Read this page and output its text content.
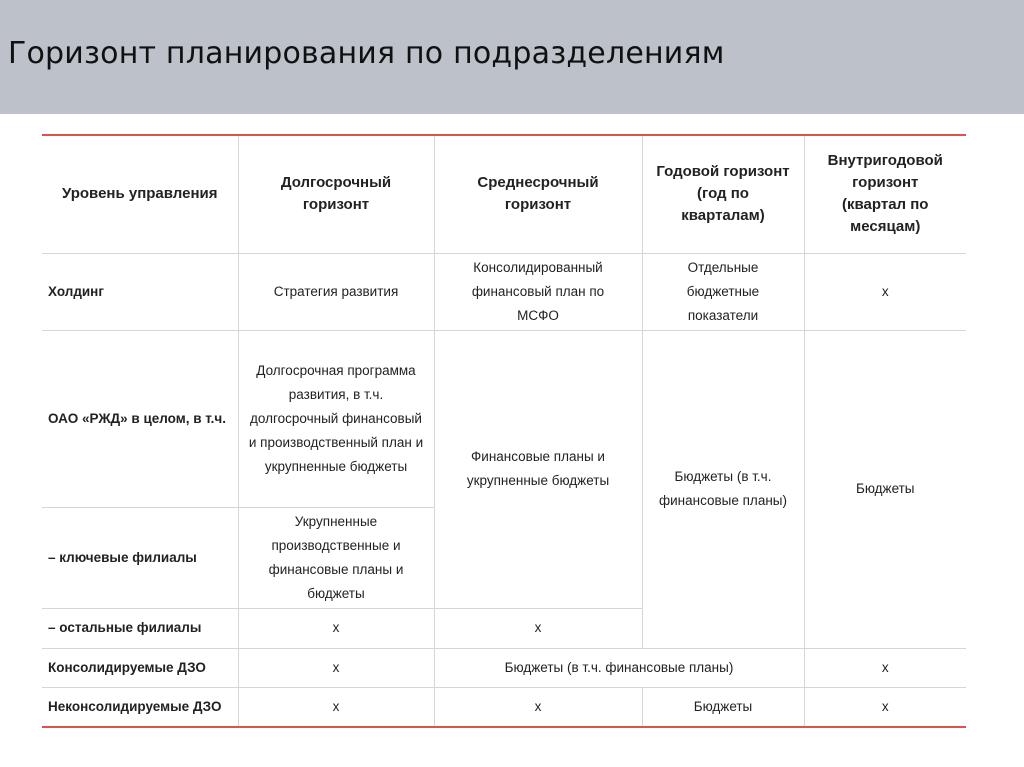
Горизонт планирования по подразделениям
Уровень управления	Долгосрочный горизонт	Среднесрочный горизонт	Годовой горизонт (год по кварталам)	Внутригодовой горизонт (квартал по месяцам)
Холдинг	Стратегия развития	Консолидированный финансовый план по МСФО	Отдельные бюджетные показатели	x
ОАО «РЖД» в целом, в т.ч.	Долгосрочная программа развития, в т.ч. долгосрочный финансовый и производственный план и укрупненные бюджеты	Финансовые планы и укрупненные бюджеты	Бюджеты (в т.ч. финансовые планы)	Бюджеты
– ключевые филиалы	Укрупненные производственные и финансовые планы и бюджеты			
– остальные филиалы	x	x		
Консолидируемые ДЗО	x	Бюджеты (в т.ч. финансовые планы)		x
Неконсолидируемые ДЗО	x	x	Бюджеты	x
